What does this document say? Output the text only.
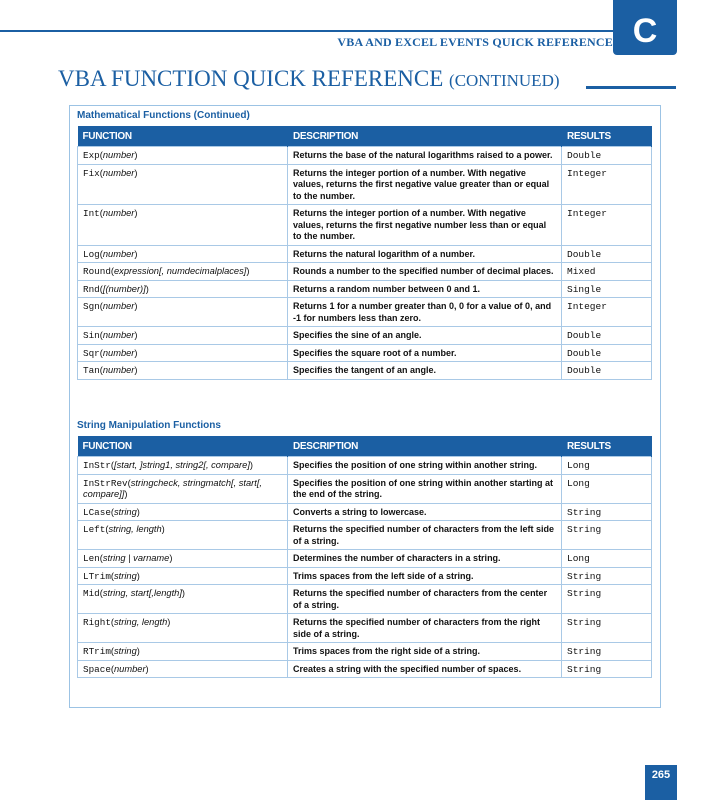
VBA AND EXCEL EVENTS QUICK REFERENCE C
VBA FUNCTION QUICK REFERENCE (CONTINUED)
Mathematical Functions (Continued)
FUNCTION	DESCRIPTION	RESULTS
Exp(number)	Returns the base of the natural logarithms raised to a power.	Double
Fix(number)	Returns the integer portion of a number. With negative values, returns the first negative value greater than or equal to the number.	Integer
Int(number)	Returns the integer portion of a number. With negative values, returns the first negative number less than or equal to the number.	Integer
Log(number)	Returns the natural logarithm of a number.	Double
Round(expression[, numdecimalplaces])	Rounds a number to the specified number of decimal places.	Mixed
Rnd([(number)])	Returns a random number between 0 and 1.	Single
Sgn(number)	Returns 1 for a number greater than 0, 0 for a value of 0, and -1 for numbers less than zero.	Integer
Sin(number)	Specifies the sine of an angle.	Double
Sqr(number)	Specifies the square root of a number.	Double
Tan(number)	Specifies the tangent of an angle.	Double
String Manipulation Functions
FUNCTION	DESCRIPTION	RESULTS
InStr([start, ]string1, string2[, compare])	Specifies the position of one string within another string.	Long
InStrRev(stringcheck, stringmatch[, start[, compare]])	Specifies the position of one string within another starting at the end of the string.	Long
LCase(string)	Converts a string to lowercase.	String
Left(string, length)	Returns the specified number of characters from the left side of a string.	String
Len(string | varname)	Determines the number of characters in a string.	Long
LTrim(string)	Trims spaces from the left side of a string.	String
Mid(string, start[,length])	Returns the specified number of characters from the center of a string.	String
Right(string, length)	Returns the specified number of characters from the right side of a string.	String
RTrim(string)	Trims spaces from the right side of a string.	String
Space(number)	Creates a string with the specified number of spaces.	String
265
